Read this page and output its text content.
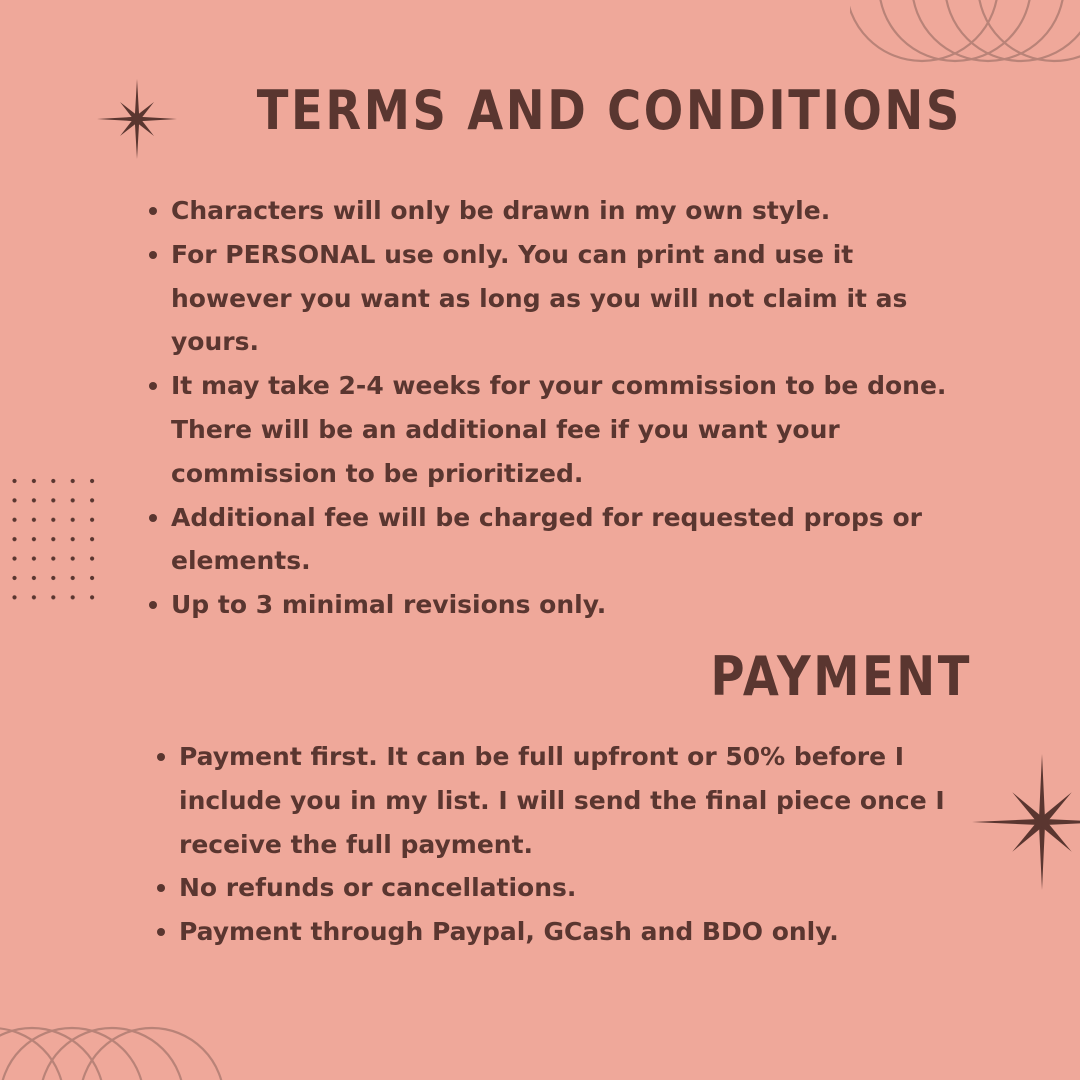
TERMS AND CONDITIONS
Characters will only be drawn in my own style.
For PERSONAL use only. You can print and use it however you want as long as you will not claim it as yours.
It may take 2-4 weeks for your commission to be done. There will be an additional fee if you want your commission to be prioritized.
Additional fee will be charged for requested props or elements.
Up to 3 minimal revisions only.
PAYMENT
Payment first. It can be full upfront or 50% before I include you in my list. I will send the final piece once I receive the full payment.
No refunds or cancellations.
Payment through Paypal, GCash and BDO only.
